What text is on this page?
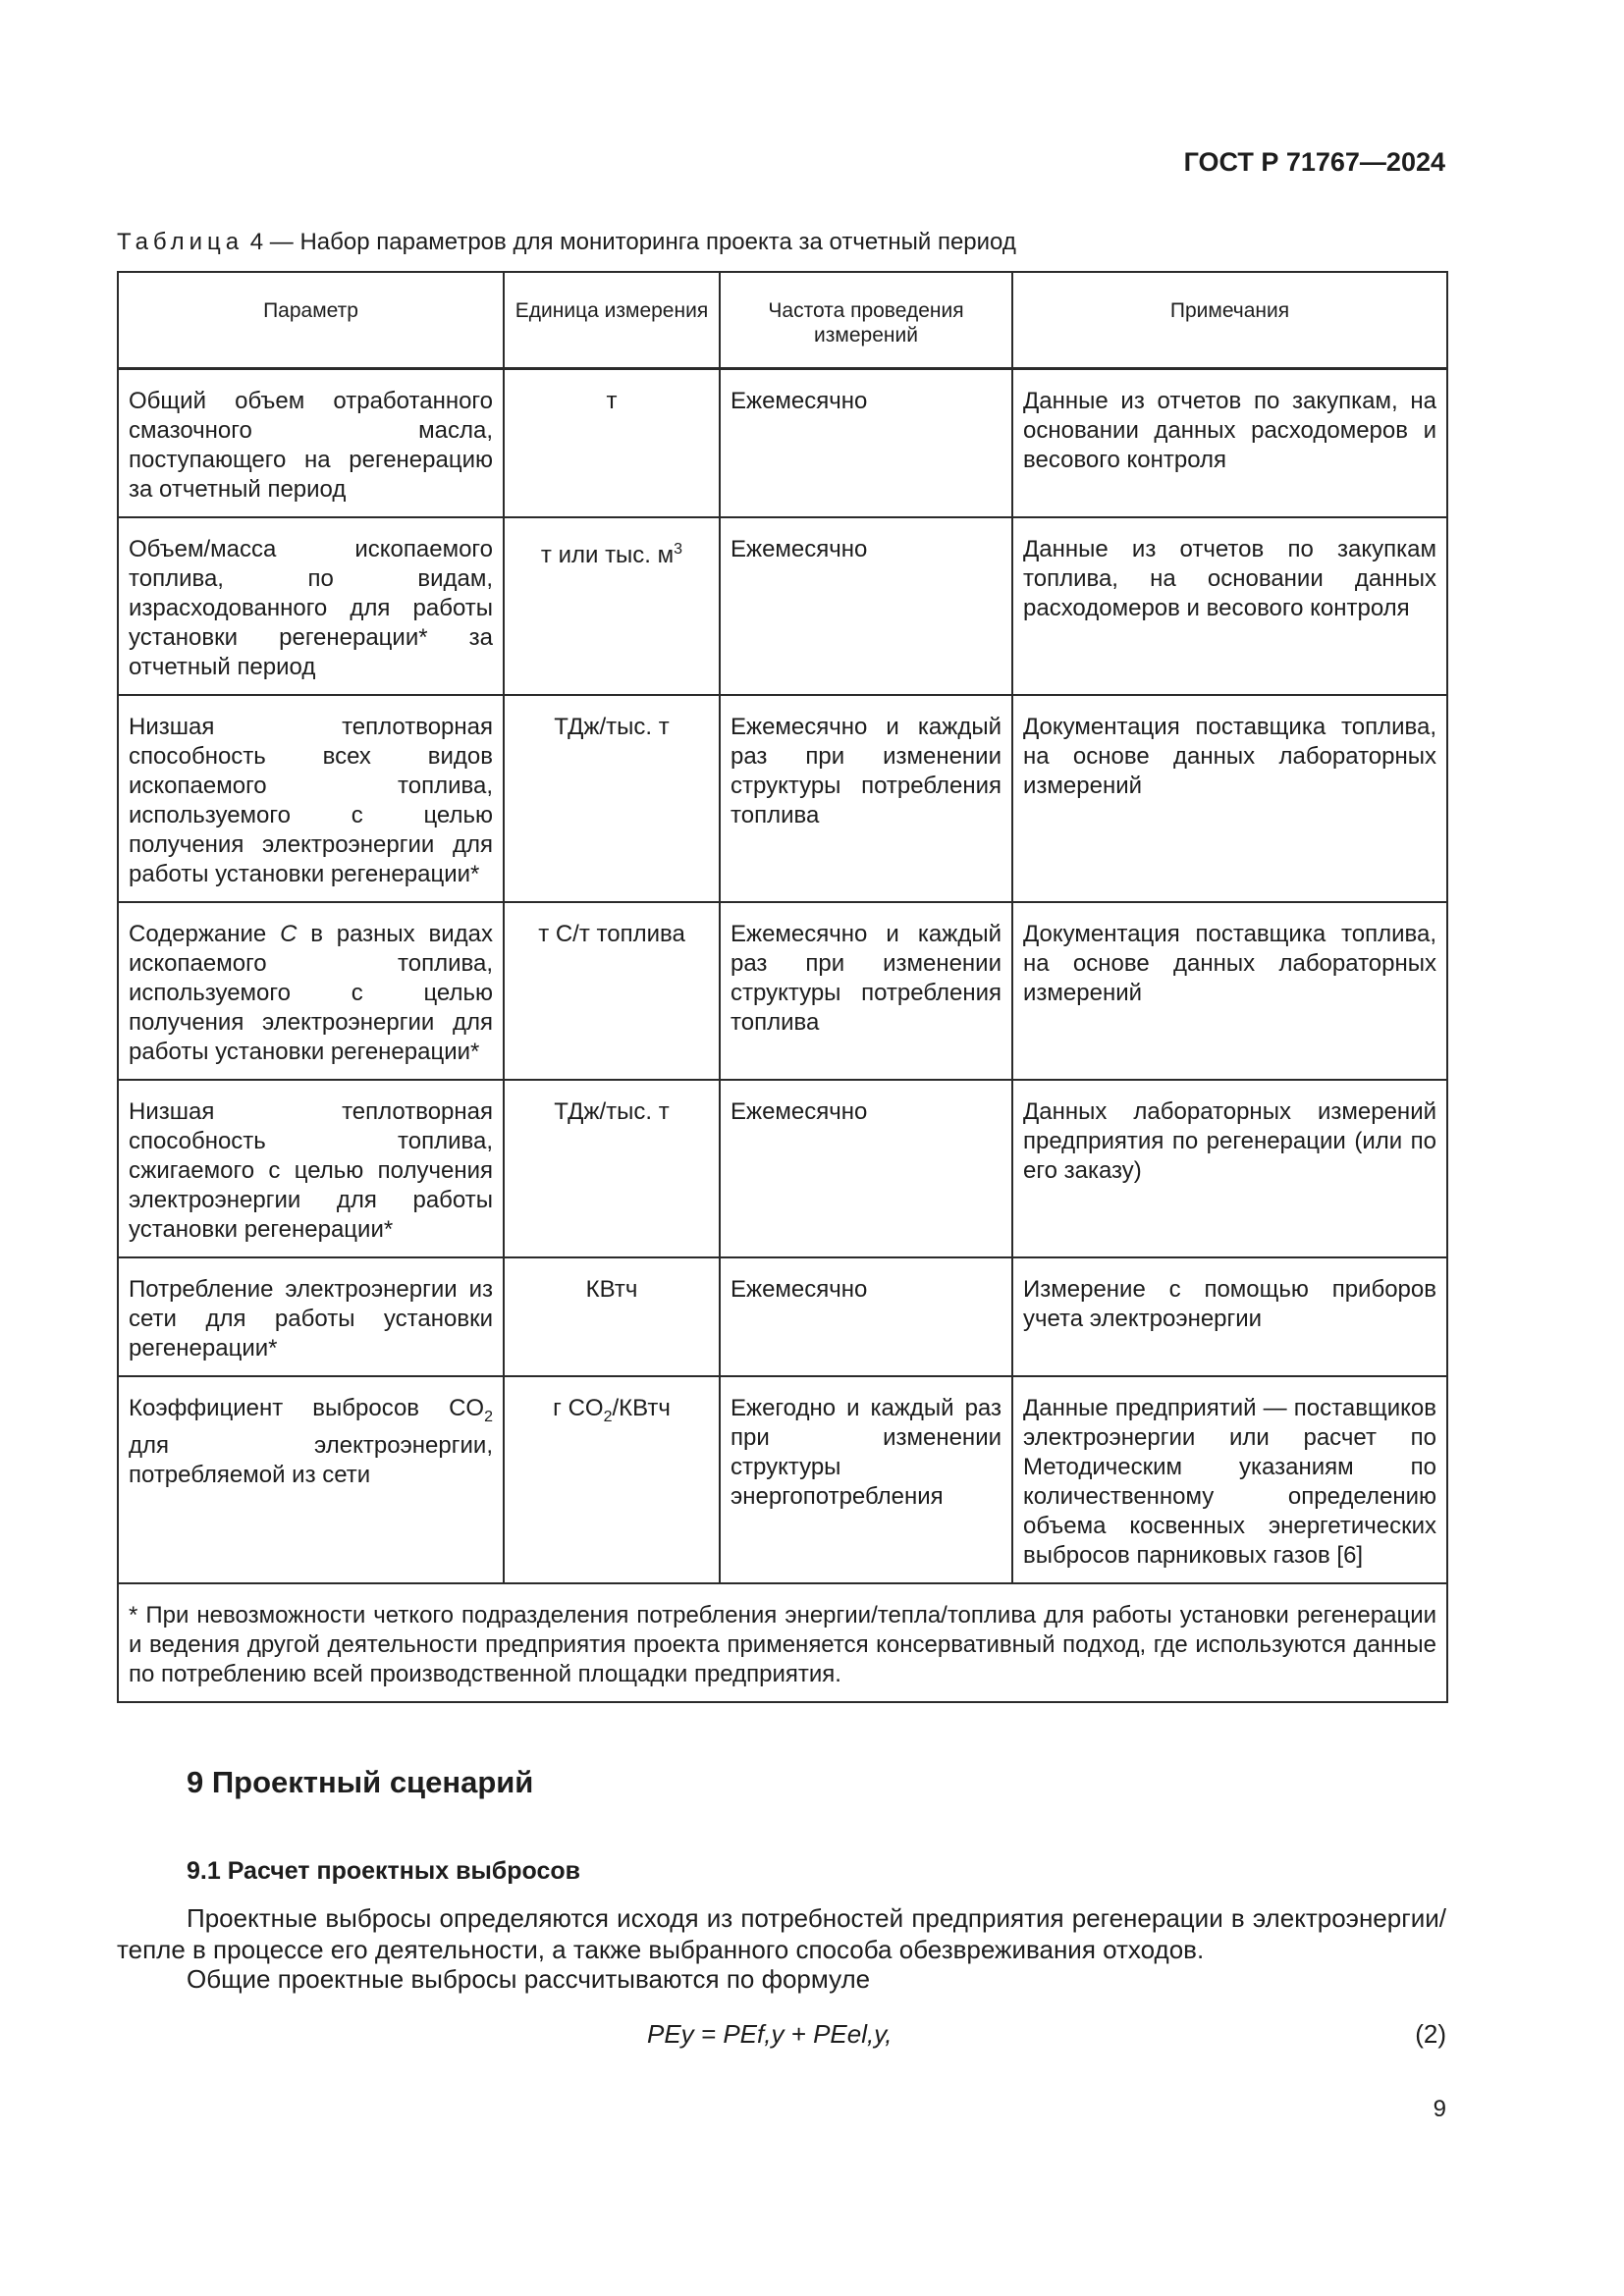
ГОСТ Р 71767—2024
Таблица 4 — Набор параметров для мониторинга проекта за отчетный период
Параметр	Единица измерения	Частота проведения измерений	Примечания
Общий объем отработанного смазочного масла, поступающего на регенерацию за отчетный период	т	Ежемесячно	Данные из отчетов по закупкам, на основании данных расходомеров и весового контроля
Объем/масса ископаемого топлива, по видам, израсходованного для работы установки регенерации* за отчетный период	т или тыс. $м^3$	Ежемесячно	Данные из отчетов по закупкам топлива, на основании данных расходомеров и весового контроля
Низшая теплотворная способность всех видов ископаемого топлива, используемого с целью получения электроэнергии для работы установки регенерации*	ТДж/тыс. т	Ежемесячно и каждый раз при изменении структуры потребления топлива	Документация поставщика топлива, на основе данных лабораторных измерений
Содержание C в разных видах ископаемого топлива, используемого с целью получения электроэнергии для работы установки регенерации*	т С/т топлива	Ежемесячно и каждый раз при изменении структуры потребления топлива	Документация поставщика топлива, на основе данных лабораторных измерений
Низшая теплотворная способность топлива, сжигаемого с целью получения электроэнергии для работы установки регенерации*	ТДж/тыс. т	Ежемесячно	Данных лабораторных измерений предприятия по регенерации (или по его заказу)
Потребление электроэнергии из сети для работы установки регенерации*	КВтч	Ежемесячно	Измерение с помощью приборов учета электроэнергии
Коэффициент выбросов $CO_2$ для электроэнергии, потребляемой из сети	г $CO_2$/КВтч	Ежегодно и каждый раз при изменении структуры энергопотребления	Данные предприятий — поставщиков электроэнергии или расчет по Методическим указаниям по количественному определению объема косвенных энергетических выбросов парниковых газов [6]
* При невозможности четкого подразделения потребления энергии/тепла/топлива для работы установки регенерации и ведения другой деятельности предприятия проекта применяется консервативный подход, где используются данные по потреблению всей производственной площадки предприятия.			
9 Проектный сценарий
9.1 Расчет проектных выбросов

Проектные выбросы определяются исходя из потребностей предприятия регенерации в электроэнергии/тепле в процессе его деятельности, а также выбранного способа обезвреживания отходов.

Общие проектные выбросы рассчитываются по формуле

PEy = PEf,y + PEel,y,	(2)
9
